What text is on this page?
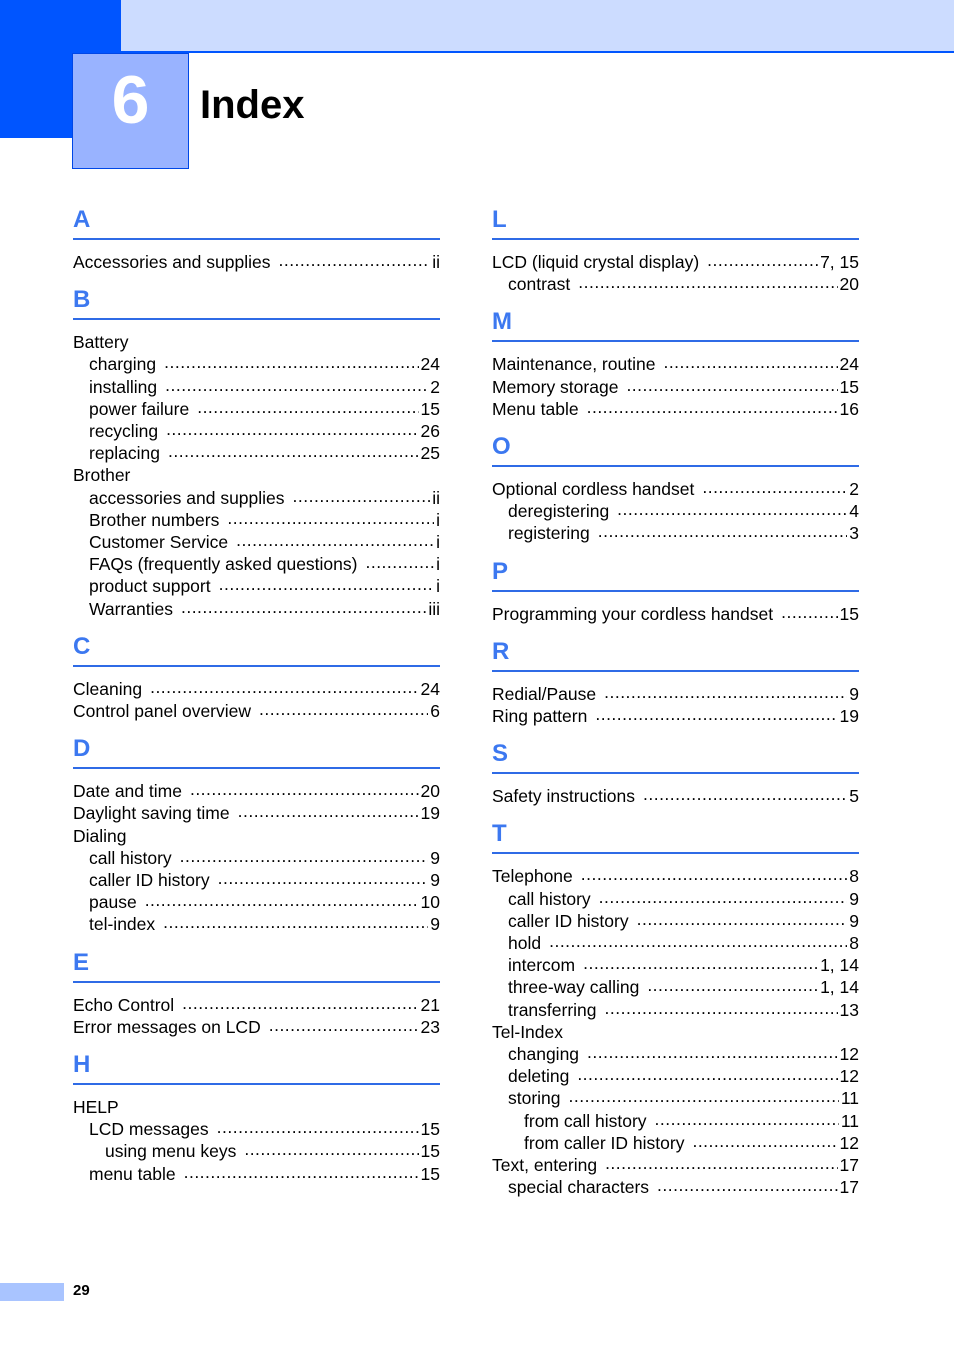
6	Index
A
Accessories and supplies .....	ii
B
Battery
charging .....	24
installing .....	2
power failure .....	15
recycling .....	26
replacing .....	25
Brother
accessories and supplies .....	ii
Brother numbers .....	i
Customer Service .....	i
FAQs (frequently asked questions) .....	i
product support .....	i
Warranties .....	iii
C
Cleaning .....	24
Control panel overview .....	6
D
Date and time .....	20
Daylight saving time .....	19
Dialing
call history .....	9
caller ID history .....	9
pause .....	10
tel-index .....	9
E
Echo Control .....	21
Error messages on LCD .....	23
H
HELP
LCD messages .....	15
using menu keys .....	15
menu table .....	15
L
LCD (liquid crystal display) .....	7, 15
contrast .....	20
M
Maintenance, routine .....	24
Memory storage .....	15
Menu table .....	16
O
Optional cordless handset .....	2
deregistering .....	4
registering .....	3
P
Programming your cordless handset .....	15
R
Redial/Pause .....	9
Ring pattern .....	19
S
Safety instructions .....	5
T
Telephone .....	8
call history .....	9
caller ID history .....	9
hold .....	8
intercom .....	1, 14
three-way calling .....	1, 14
transferring .....	13
Tel-Index
changing .....	12
deleting .....	12
storing .....	11
from call history .....	11
from caller ID history .....	12
Text, entering .....	17
special characters .....	17
29
